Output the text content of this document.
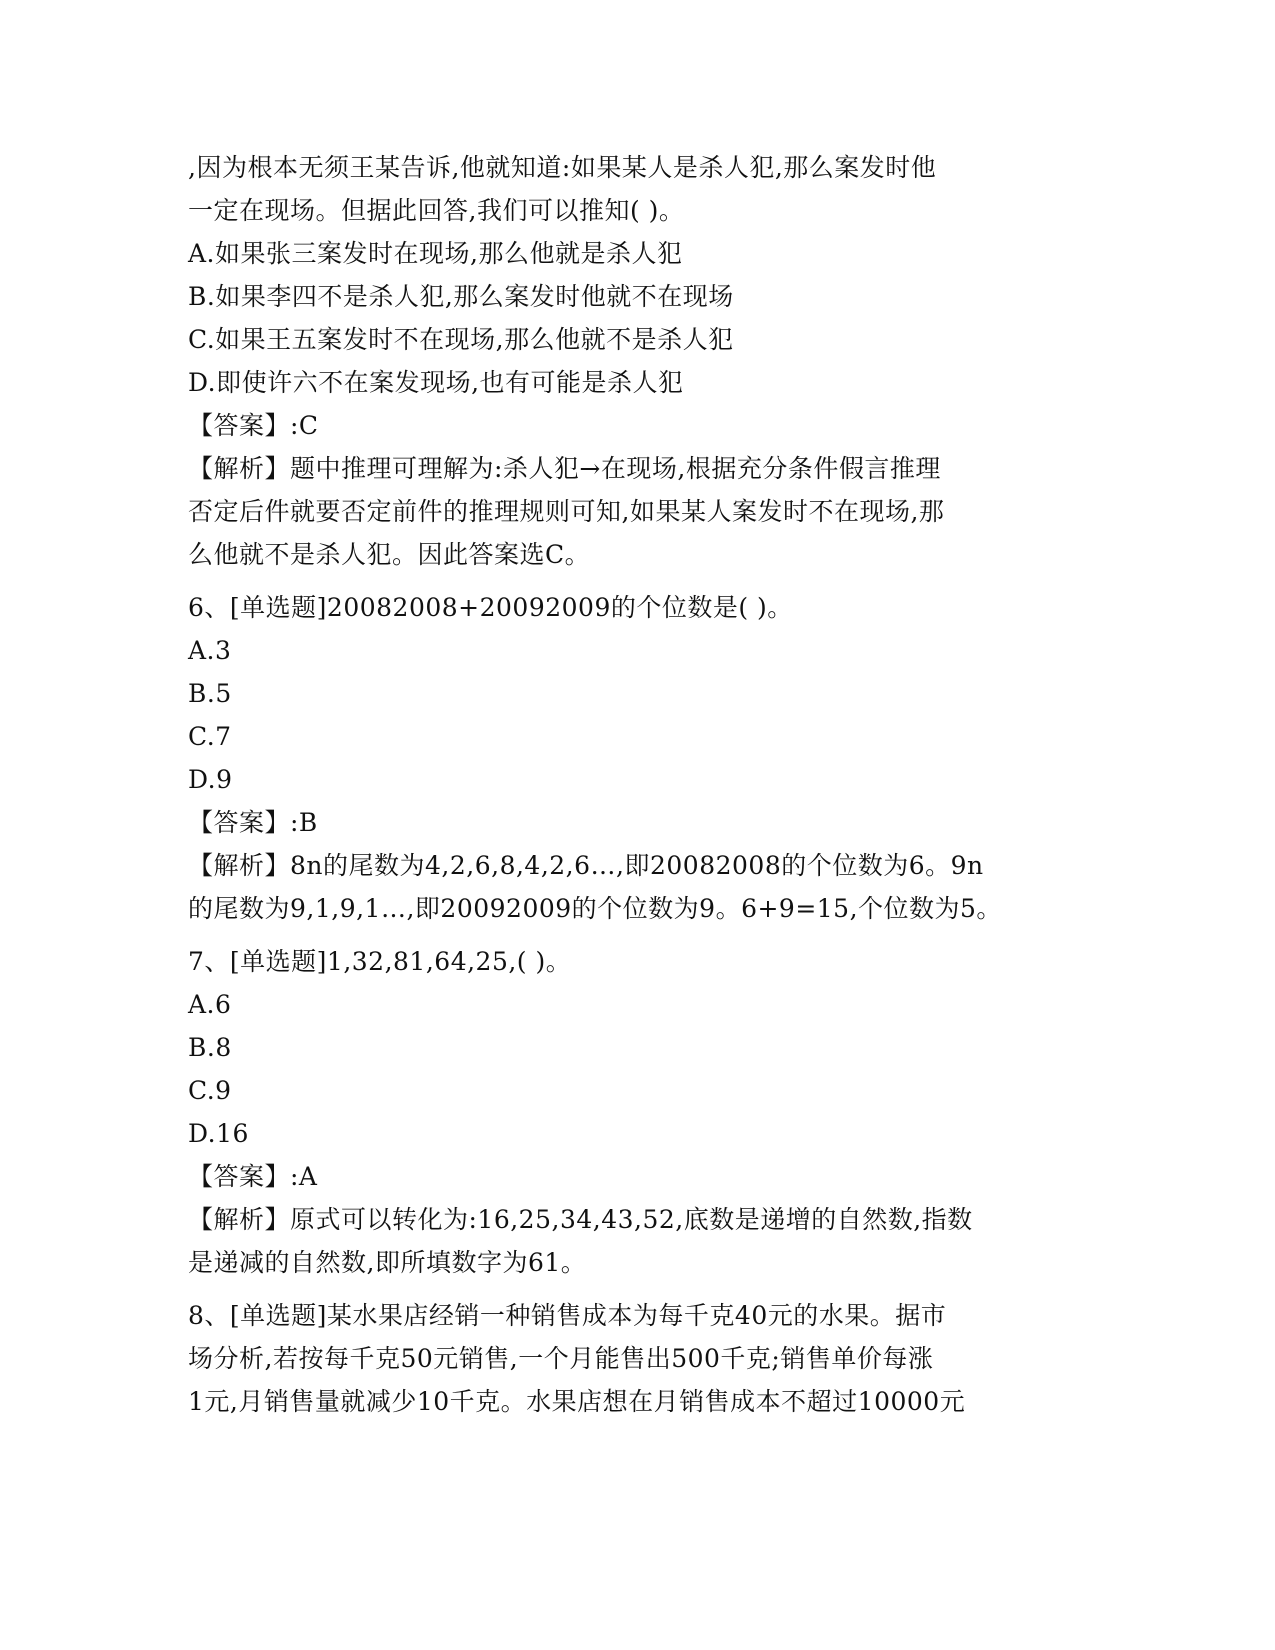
,因为根本无须王某告诉,他就知道:如果某人是杀人犯,那么案发时他
一定在现场。但据此回答,我们可以推知( )。
A.如果张三案发时在现场,那么他就是杀人犯
B.如果李四不是杀人犯,那么案发时他就不在现场
C.如果王五案发时不在现场,那么他就不是杀人犯
D.即使许六不在案发现场,也有可能是杀人犯
【答案】:C
【解析】题中推理可理解为:杀人犯→在现场,根据充分条件假言推理
否定后件就要否定前件的推理规则可知,如果某人案发时不在现场,那
么他就不是杀人犯。因此答案选C。
6、[单选题]20082008+20092009的个位数是( )。
A.3
B.5
C.7
D.9
【答案】:B
【解析】8n的尾数为4,2,6,8,4,2,6…,即20082008的个位数为6。9n
的尾数为9,1,9,1…,即20092009的个位数为9。6+9=15,个位数为5。
7、[单选题]1,32,81,64,25,( )。
A.6
B.8
C.9
D.16
【答案】:A
【解析】原式可以转化为:16,25,34,43,52,底数是递增的自然数,指数
是递减的自然数,即所填数字为61。
8、[单选题]某水果店经销一种销售成本为每千克40元的水果。据市
场分析,若按每千克50元销售,一个月能售出500千克;销售单价每涨
1元,月销售量就减少10千克。水果店想在月销售成本不超过10000元
